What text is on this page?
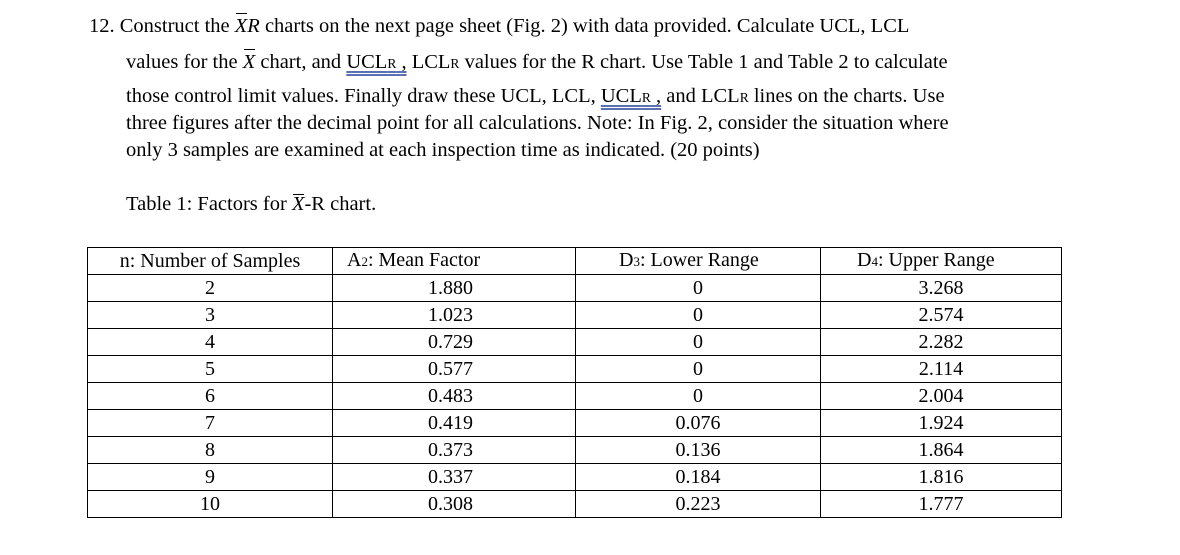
12. Construct the XR charts on the next page sheet (Fig. 2) with data provided. Calculate UCL, LCL
values for the X chart, and UCLR , LCLR values for the R chart. Use Table 1 and Table 2 to calculate
those control limit values. Finally draw these UCL, LCL, UCLR , and LCLR lines on the charts. Use
three figures after the decimal point for all calculations. Note: In Fig. 2, consider the situation where
only 3 samples are examined at each inspection time as indicated. (20 points)
Table 1: Factors for X-R chart.
n: Number of Samples	A2: Mean Factor	D3: Lower Range	D4: Upper Range
2	1.880	0	3.268
3	1.023	0	2.574
4	0.729	0	2.282
5	0.577	0	2.114
6	0.483	0	2.004
7	0.419	0.076	1.924
8	0.373	0.136	1.864
9	0.337	0.184	1.816
10	0.308	0.223	1.777
